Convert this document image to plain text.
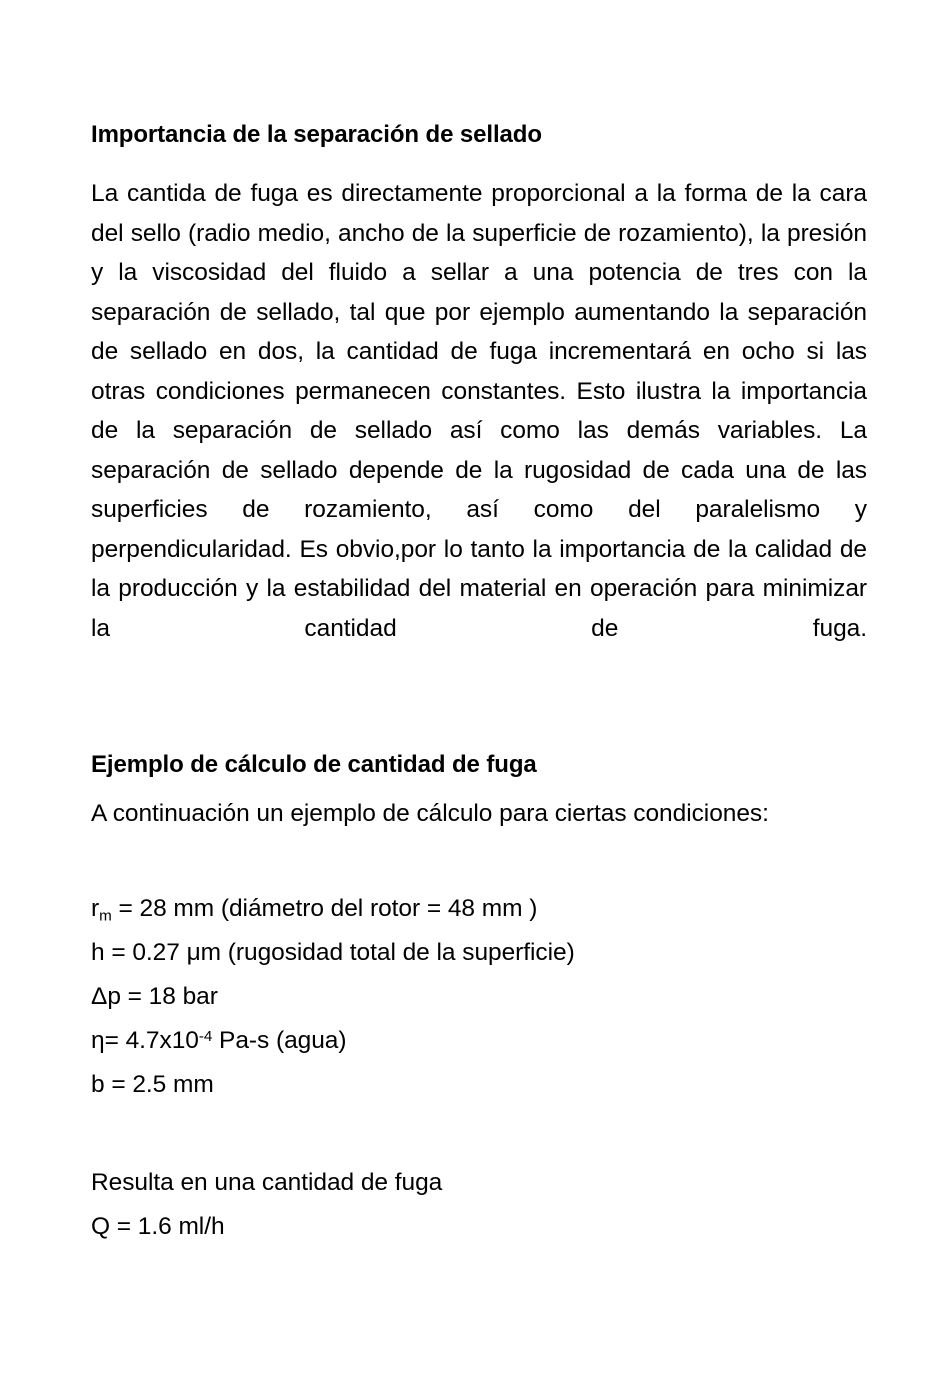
Importancia de la separación de sellado

La cantida de fuga es directamente proporcional a la forma de la cara del sello (radio medio, ancho de la superficie de rozamiento), la presión y la viscosidad del fluido a sellar a una potencia de tres con la separación de sellado, tal que por ejemplo aumentando la separación de sellado en dos, la cantidad de fuga incrementará en ocho si las otras condiciones permanecen constantes. Esto ilustra la importancia de la separación de sellado así como las demás variables. La separación de sellado depende de la rugosidad de cada una de las superficies de rozamiento, así como del paralelismo y perpendicularidad. Es obvio,por lo tanto la importancia de la calidad de la producción y la estabilidad del material en operación para minimizar la cantidad de fuga.

Ejemplo de cálculo de cantidad de fuga

A continuación un ejemplo de cálculo para ciertas condiciones:

$r_m = 28$ mm (diámetro del rotor = 48 mm )
h = 0.27 μm (rugosidad total de la superficie)
Δp = 18 bar
$\eta= 4.7x10^{-4}$ Pa-s (agua)
b = 2.5 mm
Resulta en una cantidad de fuga
Q = 1.6 ml/h
